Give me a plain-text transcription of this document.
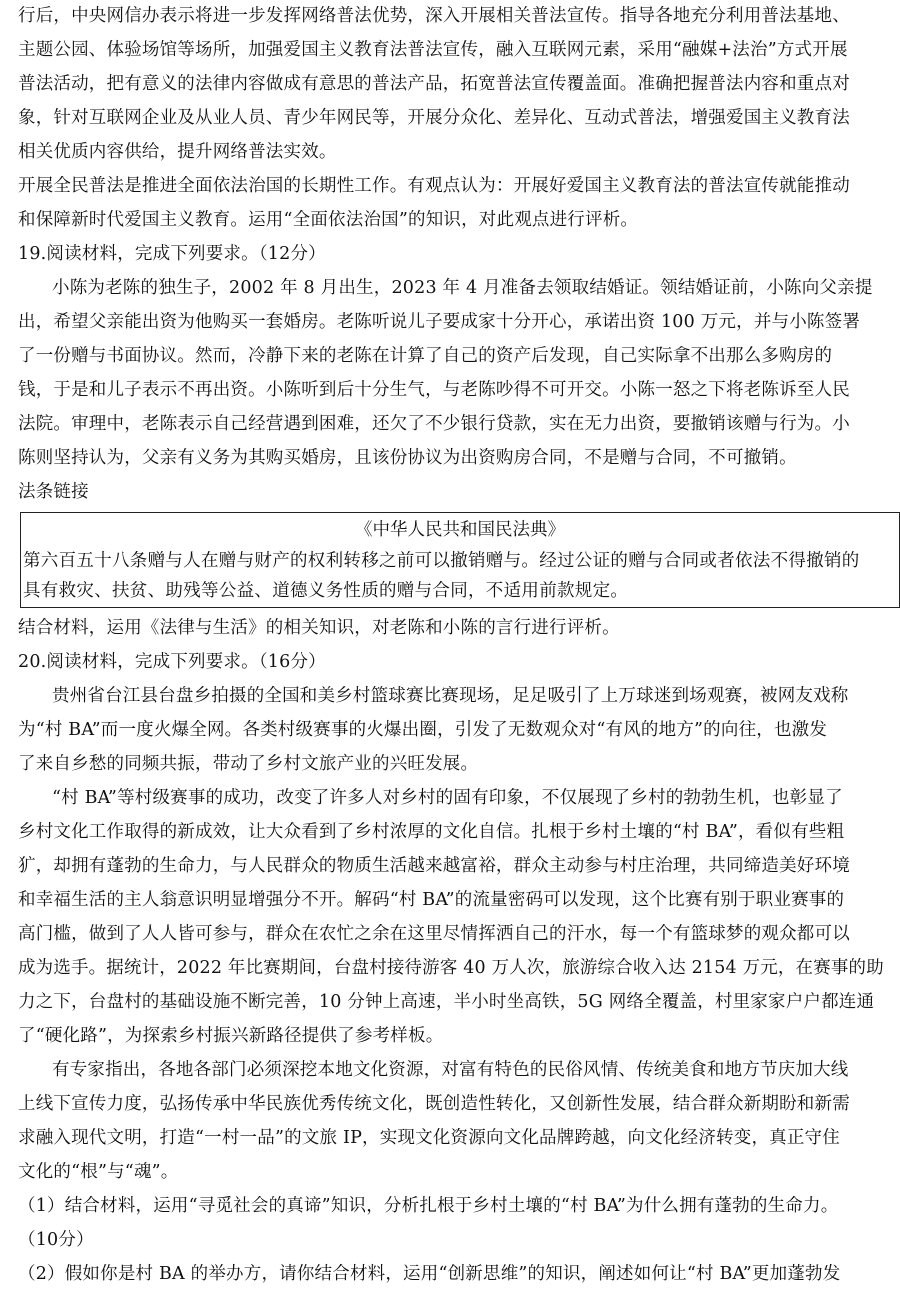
行后，中央网信办表示将进一步发挥网络普法优势，深入开展相关普法宣传。指导各地充分利用普法基地、
主题公园、体验场馆等场所，加强爱国主义教育法普法宣传，融入互联网元素，采用“融媒+法治”方式开展
普法活动，把有意义的法律内容做成有意思的普法产品，拓宽普法宣传覆盖面。准确把握普法内容和重点对
象，针对互联网企业及从业人员、青少年网民等，开展分众化、差异化、互动式普法，增强爱国主义教育法
相关优质内容供给，提升网络普法实效。
开展全民普法是推进全面依法治国的长期性工作。有观点认为：开展好爱国主义教育法的普法宣传就能推动
和保障新时代爱国主义教育。运用“全面依法治国”的知识，对此观点进行评析。
19.阅读材料，完成下列要求。（12分）
小陈为老陈的独生子，2002 年 8 月出生，2023 年 4 月准备去领取结婚证。领结婚证前，小陈向父亲提
出，希望父亲能出资为他购买一套婚房。老陈听说儿子要成家十分开心，承诺出资 100 万元，并与小陈签署
了一份赠与书面协议。然而，冷静下来的老陈在计算了自己的资产后发现，自己实际拿不出那么多购房的
钱，于是和儿子表示不再出资。小陈听到后十分生气，与老陈吵得不可开交。小陈一怒之下将老陈诉至人民
法院。审理中，老陈表示自己经营遇到困难，还欠了不少银行贷款，实在无力出资，要撤销该赠与行为。小
陈则坚持认为，父亲有义务为其购买婚房，且该份协议为出资购房合同，不是赠与合同，不可撤销。
法条链接
《中华人民共和国民法典》
第六百五十八条赠与人在赠与财产的权利转移之前可以撤销赠与。经过公证的赠与合同或者依法不得撤销的
具有救灾、扶贫、助残等公益、道德义务性质的赠与合同，不适用前款规定。
结合材料，运用《法律与生活》的相关知识，对老陈和小陈的言行进行评析。
20.阅读材料，完成下列要求。（16分）
贵州省台江县台盘乡拍摄的全国和美乡村篮球赛比赛现场，足足吸引了上万球迷到场观赛，被网友戏称
为“村 BA”而一度火爆全网。各类村级赛事的火爆出圈，引发了无数观众对“有风的地方”的向往，也激发
了来自乡愁的同频共振，带动了乡村文旅产业的兴旺发展。
“村 BA”等村级赛事的成功，改变了许多人对乡村的固有印象，不仅展现了乡村的勃勃生机，也彰显了
乡村文化工作取得的新成效，让大众看到了乡村浓厚的文化自信。扎根于乡村土壤的“村 BA”，看似有些粗
犷，却拥有蓬勃的生命力，与人民群众的物质生活越来越富裕，群众主动参与村庄治理，共同缔造美好环境
和幸福生活的主人翁意识明显增强分不开。解码“村 BA”的流量密码可以发现，这个比赛有别于职业赛事的
高门槛，做到了人人皆可参与，群众在农忙之余在这里尽情挥洒自己的汗水，每一个有篮球梦的观众都可以
成为选手。据统计，2022 年比赛期间，台盘村接待游客 40 万人次，旅游综合收入达 2154 万元，在赛事的助
力之下，台盘村的基础设施不断完善，10 分钟上高速，半小时坐高铁，5G 网络全覆盖，村里家家户户都连通
了“硬化路”，为探索乡村振兴新路径提供了参考样板。
有专家指出，各地各部门必须深挖本地文化资源，对富有特色的民俗风情、传统美食和地方节庆加大线
上线下宣传力度，弘扬传承中华民族优秀传统文化，既创造性转化，又创新性发展，结合群众新期盼和新需
求融入现代文明，打造“一村一品”的文旅 IP，实现文化资源向文化品牌跨越，向文化经济转变，真正守住
文化的“根”与“魂”。
（1）结合材料，运用“寻觅社会的真谛”知识，分析扎根于乡村土壤的“村 BA”为什么拥有蓬勃的生命力。
（10分）
（2）假如你是村 BA 的举办方，请你结合材料，运用“创新思维”的知识，阐述如何让“村 BA”更加蓬勃发
